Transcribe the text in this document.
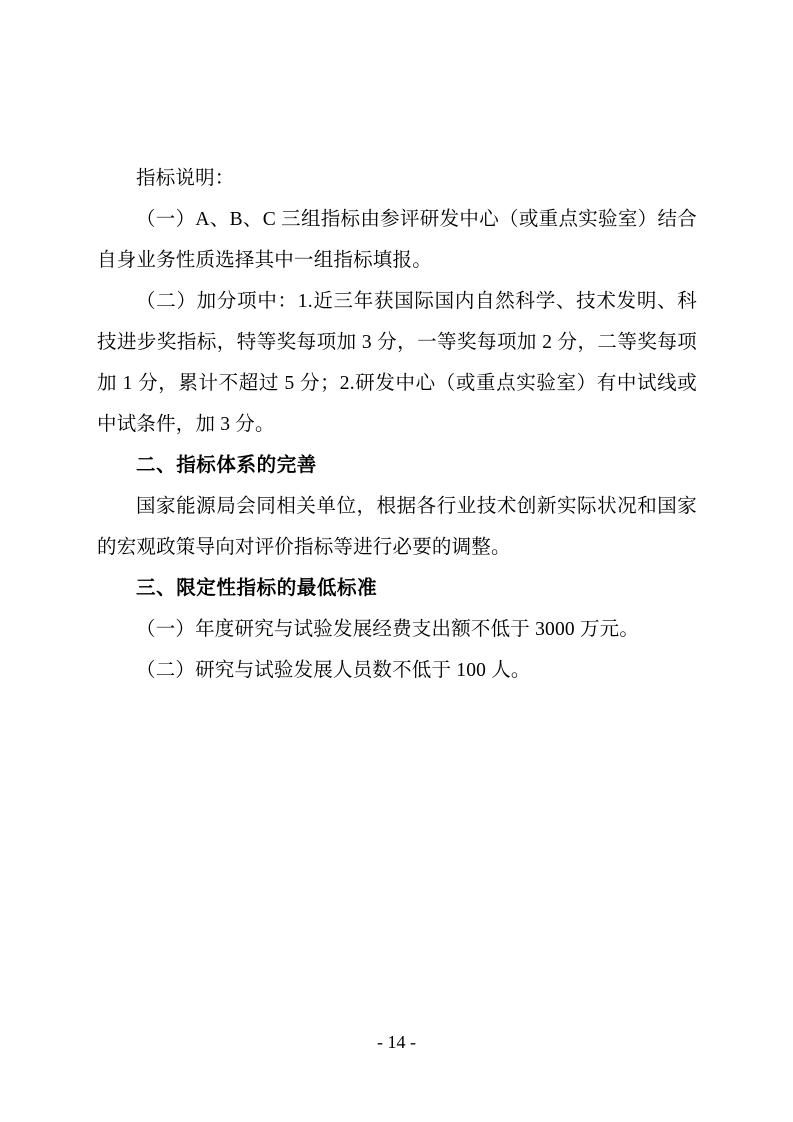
指标说明：

（一）A、B、C 三组指标由参评研发中心（或重点实验室）结合自身业务性质选择其中一组指标填报。

（二）加分项中：1.近三年获国际国内自然科学、技术发明、科技进步奖指标，特等奖每项加 3 分，一等奖每项加 2 分，二等奖每项加 1 分，累计不超过 5 分；2.研发中心（或重点实验室）有中试线或中试条件，加 3 分。

二、指标体系的完善

国家能源局会同相关单位，根据各行业技术创新实际状况和国家的宏观政策导向对评价指标等进行必要的调整。

三、限定性指标的最低标准

（一）年度研究与试验发展经费支出额不低于 3000 万元。

（二）研究与试验发展人员数不低于 100 人。

- 14 -
